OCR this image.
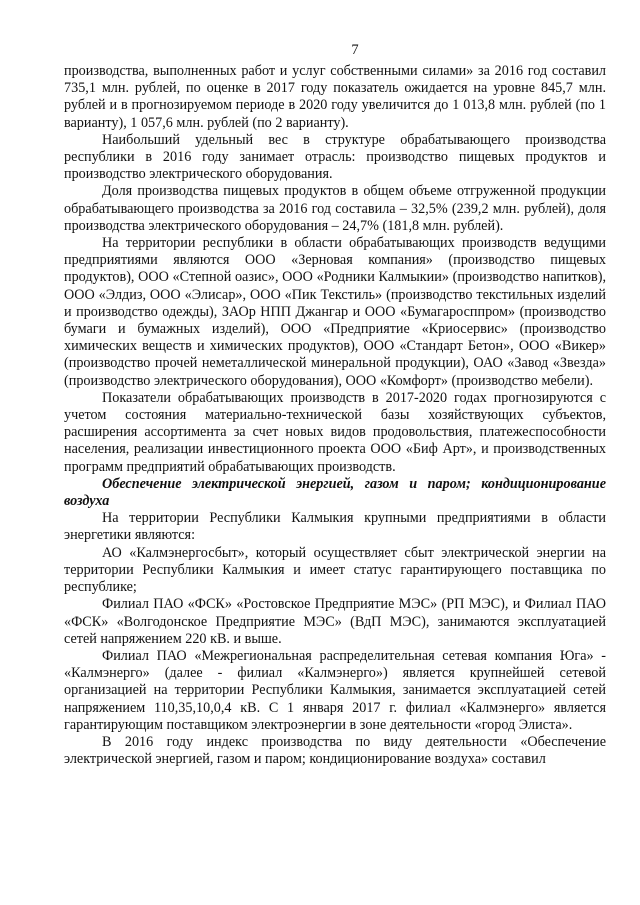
7

производства, выполненных работ и услуг собственными силами» за 2016 год составил 735,1 млн. рублей, по оценке в 2017 году показатель ожидается на уровне 845,7 млн. рублей и в прогнозируемом периоде в 2020 году увеличится до 1 013,8 млн. рублей (по 1 варианту), 1 057,6 млн. рублей (по 2 варианту).

Наибольший удельный вес в структуре обрабатывающего производства республики в 2016 году занимает отрасль: производство пищевых продуктов и производство электрического оборудования.

Доля производства пищевых продуктов в общем объеме отгруженной продукции обрабатывающего производства за 2016 год составила – 32,5% (239,2 млн. рублей), доля производства электрического оборудования – 24,7% (181,8 млн. рублей).

На территории республики в области обрабатывающих производств ведущими предприятиями являются ООО «Зерновая компания» (производство пищевых продуктов), ООО «Степной оазис», ООО «Родники Калмыкии» (производство напитков), ООО «Элдиз, ООО «Элисар», ООО «Пик Текстиль» (производство текстильных изделий и производство одежды), ЗАОр НПП Джангар и ООО «Бумагаросппром» (производство бумаги и бумажных изделий), ООО «Предприятие «Криосервис» (производство химических веществ и химических продуктов), ООО «Стандарт Бетон», ООО «Викер» (производство прочей неметаллической минеральной продукции), ОАО «Завод «Звезда» (производство электрического оборудования), ООО «Комфорт» (производство мебели).

Показатели обрабатывающих производств в 2017-2020 годах прогнозируются с учетом состояния материально-технической базы хозяйствующих субъектов, расширения ассортимента за счет новых видов продовольствия, платежеспособности населения, реализации инвестиционного проекта ООО «Биф Арт», и производственных программ предприятий обрабатывающих производств.

Обеспечение электрической энергией, газом и паром; кондиционирование воздуха

На территории Республики Калмыкия крупными предприятиями в области энергетики являются:

АО «Калмэнергосбыт», который осуществляет сбыт электрической энергии на территории Республики Калмыкия и имеет статус гарантирующего поставщика по республике;

Филиал ПАО «ФСК» «Ростовское Предприятие МЭС» (РП МЭС), и Филиал ПАО «ФСК» «Волгодонское Предприятие МЭС» (ВдП МЭС), занимаются эксплуатацией сетей напряжением 220 кВ. и выше.

Филиал ПАО «Межрегиональная распределительная сетевая компания Юга» - «Калмэнерго» (далее - филиал «Калмэнерго») является крупнейшей сетевой организацией на территории Республики Калмыкия, занимается эксплуатацией сетей напряжением 110,35,10,0,4 кВ. С 1 января 2017 г. филиал «Калмэнерго» является гарантирующим поставщиком электроэнергии в зоне деятельности «город Элиста».

В 2016 году индекс производства по виду деятельности «Обеспечение электрической энергией, газом и паром; кондиционирование воздуха» составил
